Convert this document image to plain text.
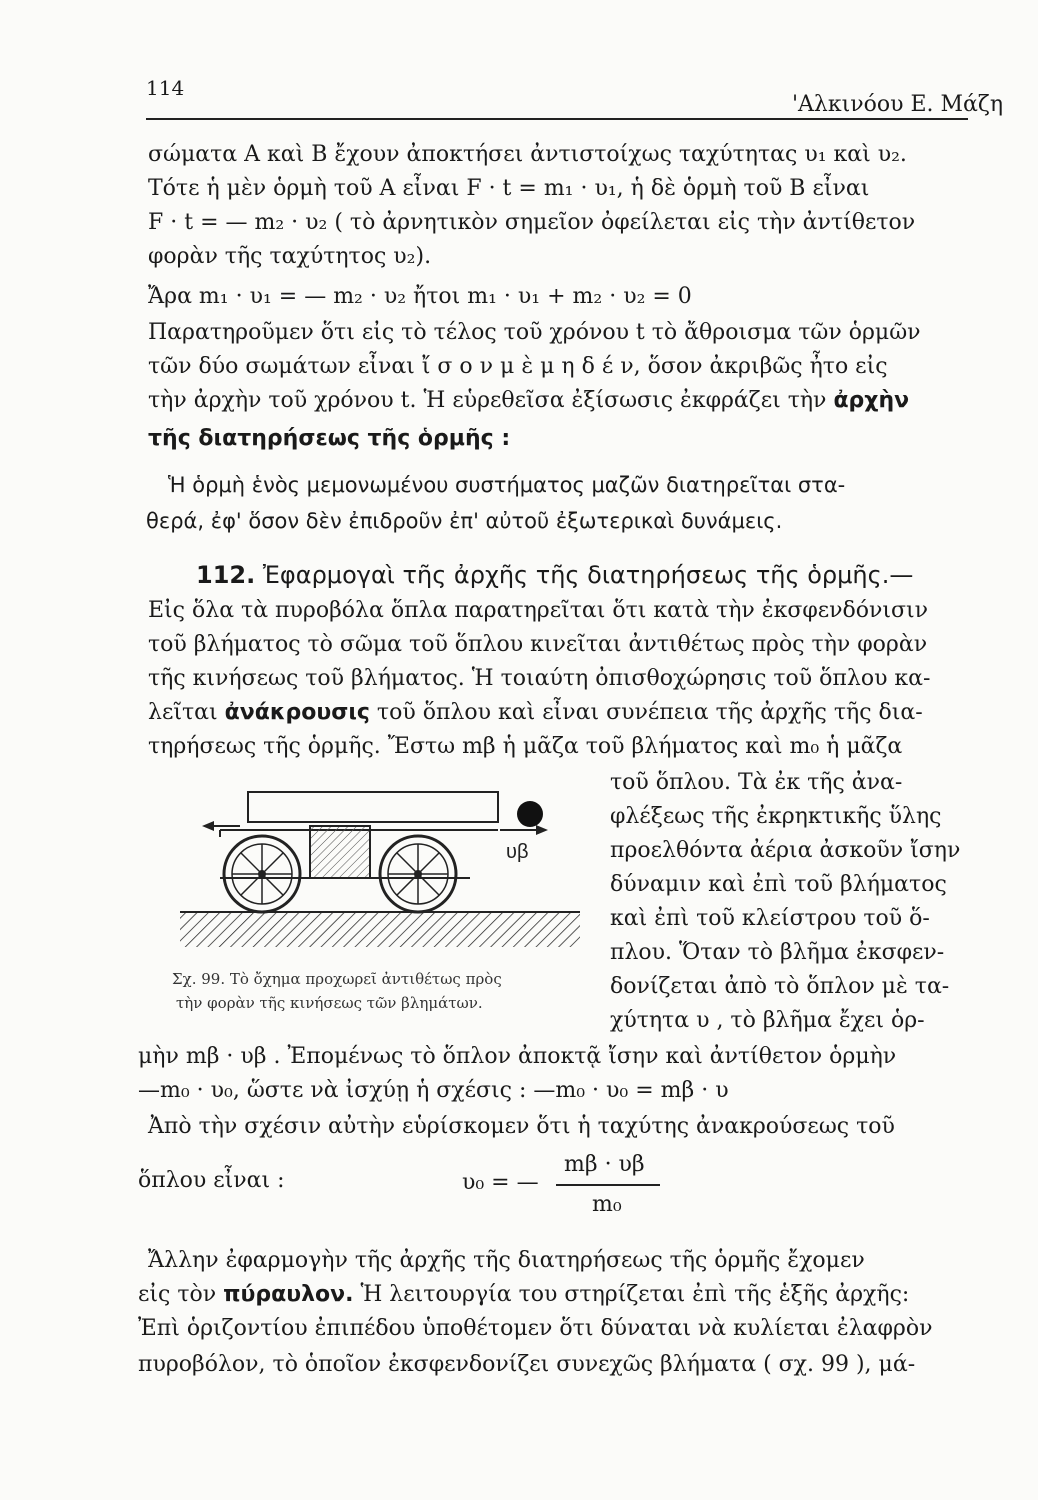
114
'Αλκινόου Ε. Μάζη
σώματα Α καὶ Β ἔχουν ἀποκτήσει ἀντιστοίχως ταχύτητας υ₁ καὶ υ₂.
Τότε ἡ μὲν ὁρμὴ τοῦ Α εἶναι F · t = m₁ · υ₁, ἡ δὲ ὁρμὴ τοῦ Β εἶναι
F · t = — m₂ · υ₂ ( τὸ ἀρνητικὸν σημεῖον ὀφείλεται εἰς τὴν ἀντίθετον
φορὰν τῆς ταχύτητος υ₂).
Ἄρα m₁ · υ₁ = — m₂ · υ₂ ἤτοι m₁ · υ₁ + m₂ · υ₂ = 0
Παρατηροῦμεν ὅτι εἰς τὸ τέλος τοῦ χρόνου t τὸ ἄθροισμα τῶν ὁρμῶν
τῶν δύο σωμάτων εἶναι ἴ σ ο ν μ ὲ μ η δ έ ν, ὅσον ἀκριβῶς ἦτο εἰς
τὴν ἀρχὴν τοῦ χρόνου t. Ἡ εὑρεθεῖσα ἐξίσωσις ἐκφράζει τὴν ἀρχὴν
τῆς διατηρήσεως τῆς ὁρμῆς :
Ἡ ὁρμὴ ἑνὸς μεμονωμένου συστήματος μαζῶν διατηρεῖται στα-
θερά, ἐφ' ὅσον δὲν ἐπιδροῦν ἐπ' αὐτοῦ ἐξωτερικαὶ δυνάμεις.
112. Ἐφαρμογαὶ τῆς ἀρχῆς τῆς διατηρήσεως τῆς ὁρμῆς.—
Εἰς ὅλα τὰ πυροβόλα ὅπλα παρατηρεῖται ὅτι κατὰ τὴν ἐκσφενδόνισιν
τοῦ βλήματος τὸ σῶμα τοῦ ὅπλου κινεῖται ἀντιθέτως πρὸς τὴν φορὰν
τῆς κινήσεως τοῦ βλήματος. Ἡ τοιαύτη ὀπισθοχώρησις τοῦ ὅπλου κα-
λεῖται ἀνάκρουσις τοῦ ὅπλου καὶ εἶναι συνέπεια τῆς ἀρχῆς τῆς δια-
τηρήσεως τῆς ὁρμῆς. Ἔστω mβ ἡ μᾶζα τοῦ βλήματος καὶ m₀ ἡ μᾶζα
τοῦ ὅπλου. Τὰ ἐκ τῆς ἀνα-
φλέξεως τῆς ἐκρηκτικῆς ὕλης
προελθόντα ἀέρια ἀσκοῦν ἴσην
δύναμιν καὶ ἐπὶ τοῦ βλήματος
καὶ ἐπὶ τοῦ κλείστρου τοῦ ὅ-
πλου. Ὅταν τὸ βλῆμα ἐκσφεν-
δονίζεται ἀπὸ τὸ ὅπλον μὲ τα-
χύτητα υ , τὸ βλῆμα ἔχει ὁρ-
υβ
Σχ. 99. Τὸ ὄχημα προχωρεῖ ἀντιθέτως πρὸς
τὴν φορὰν τῆς κινήσεως τῶν βλημάτων.
μὴν mβ · υβ . Ἐπομένως τὸ ὅπλον ἀποκτᾷ ἴσην καὶ ἀντίθετον ὁρμὴν
—m₀ · υ₀, ὥστε νὰ ἰσχύῃ ἡ σχέσις : —m₀ · υ₀ = mβ · υ
Ἀπὸ τὴν σχέσιν αὐτὴν εὑρίσκομεν ὅτι ἡ ταχύτης ἀνακρούσεως τοῦ
ὅπλου εἶναι :	υ₀ = —
mβ · υβ
m₀
Ἄλλην ἐφαρμογὴν τῆς ἀρχῆς τῆς διατηρήσεως τῆς ὁρμῆς ἔχομεν
εἰς τὸν πύραυλον. Ἡ λειτουργία του στηρίζεται ἐπὶ τῆς ἑξῆς ἀρχῆς:
Ἐπὶ ὁριζοντίου ἐπιπέδου ὑποθέτομεν ὅτι δύναται νὰ κυλίεται ἐλαφρὸν
πυροβόλον, τὸ ὁποῖον ἐκσφενδονίζει συνεχῶς βλήματα ( σχ. 99 ), μά-
